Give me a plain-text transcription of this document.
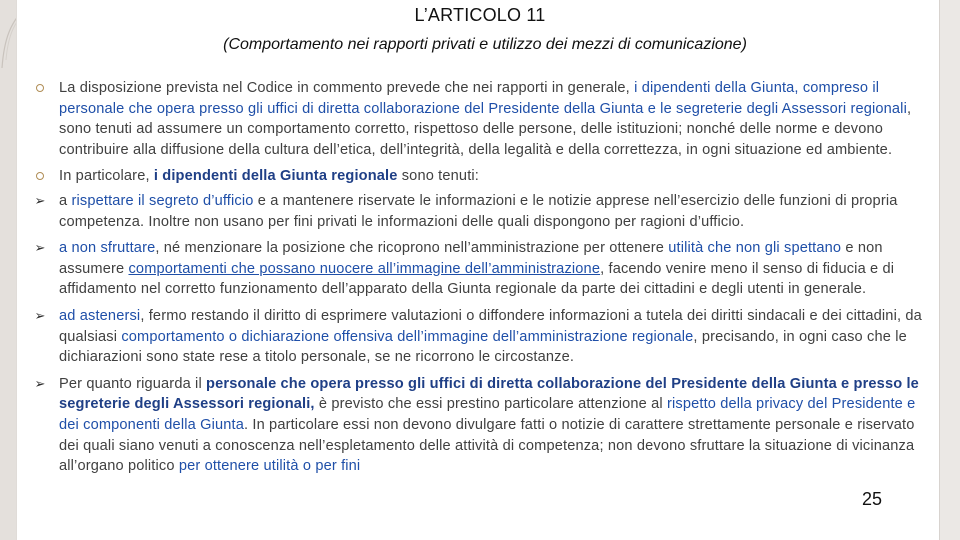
L’ARTICOLO 11
(Comportamento nei rapporti privati e utilizzo dei mezzi di comunicazione)
La disposizione prevista nel Codice in commento prevede che nei rapporti in generale, i dipendenti della Giunta, compreso il personale che opera presso gli uffici di diretta collaborazione del Presidente della Giunta e le segreterie degli Assessori regionali, sono tenuti ad assumere un comportamento corretto, rispettoso delle persone, delle istituzioni; nonché delle norme e devono contribuire alla diffusione della cultura dell’etica, dell’integrità, della legalità e della correttezza, in ogni situazione ed ambiente.
In particolare, i dipendenti della Giunta regionale sono tenuti:
➢ a rispettare il segreto d’ufficio e a mantenere riservate le informazioni e le notizie apprese nell’esercizio delle funzioni di propria competenza. Inoltre non usano per fini privati le informazioni delle quali dispongono per ragioni d’ufficio.
➢ a non sfruttare, né menzionare la posizione che ricoprono nell’amministrazione per ottenere utilità che non gli spettano e non assumere comportamenti che possano nuocere all’immagine dell’amministrazione, facendo venire meno il senso di fiducia e di affidamento nel corretto funzionamento dell’apparato della Giunta regionale da parte dei cittadini e degli utenti in generale.
➢ ad astenersi, fermo restando il diritto di esprimere valutazioni o diffondere informazioni a tutela dei diritti sindacali e dei cittadini, da qualsiasi comportamento o dichiarazione offensiva dell’immagine dell’amministrazione regionale, precisando, in ogni caso che le dichiarazioni sono state rese a titolo personale, se ne ricorrono le circostanze.
➢ Per quanto riguarda il personale che opera presso gli uffici di diretta collaborazione del Presidente della Giunta e presso le segreterie degli Assessori regionali, è previsto che essi prestino particolare attenzione al rispetto della privacy del Presidente e dei componenti della Giunta. In particolare essi non devono divulgare fatti o notizie di carattere strettamente personale e riservato dei quali siano venuti a conoscenza nell’espletamento delle attività di competenza; non devono sfruttare la situazione di vicinanza all’organo politico per ottenere utilità o per fini
25
